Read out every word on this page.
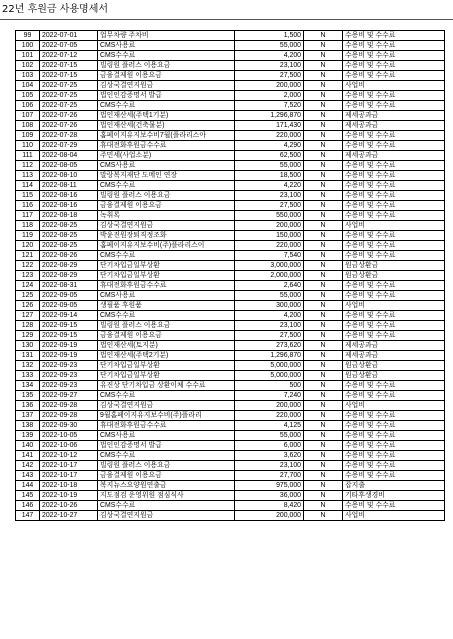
22년 후원금 사용명세서
99	2022-07-01	업무차량 주차비	1,500	N	수용비 및 수수료
100	2022-07-05	CMS사용료	55,000	N	수용비 및 수수료
101	2022-07-12	CMS수수료	4,200	N	수용비 및 수수료
102	2022-07-15	빌링원 플러스 이용요금	23,100	N	수용비 및 수수료
103	2022-07-15	금융결제원 이용요금	27,500	N	수용비 및 수수료
104	2022-07-25	김상국결연지원금	200,000	N	사업비
105	2022-07-25	법인인감증명서 발급	2,000	N	수용비 및 수수료
106	2022-07-25	CMS수수료	7,520	N	수용비 및 수수료
107	2022-07-26	법인재산세(주택1기분)	1,296,870	N	제세공과금
108	2022-07-26	법인재산세(건축물분)	171,430	N	제세공과금
109	2022-07-28	홈페이지유지보수비7월(플라리스아	220,000	N	수용비 및 수수료
110	2022-07-29	휴대전화후원금수수료	4,290	N	수용비 및 수수료
111	2022-08-04	주민세(사업소분)	62,500	N	제세공과금
112	2022-08-05	CMS사용료	55,000	N	수용비 및 수수료
113	2022-08-10	말랑복지재단 도메인 연장	18,500	N	수용비 및 수수료
114	2022-08-11	CMS수수료	4,220	N	수용비 및 수수료
115	2022-08-16	빌링원 플러스 이용요금	23,100	N	수용비 및 수수료
116	2022-08-16	금융결제원 이용요금	27,500	N	수용비 및 수수료
117	2022-08-18	녹취록	550,000	N	수용비 및 수수료
118	2022-08-25	김상국결연지원금	200,000	N	사업비
119	2022-08-25	박윤진원장퇴직정조화	150,000	N	수용비 및 수수료
120	2022-08-25	홈페이지유지보수비(주)플라리스이	220,000	N	수용비 및 수수료
121	2022-08-26	CMS수수료	7,540	N	수용비 및 수수료
122	2022-08-29	단기차입금일부상환	3,000,000	N	원금상환금
123	2022-08-29	단기차입금일부상환	2,000,000	N	원금상환금
124	2022-08-31	휴대전화후원금수수료	2,640	N	수용비 및 수수료
125	2022-09-05	CMS사용료	55,000	N	수용비 및 수수료
126	2022-09-05	생필품 후원품	300,000	N	사업비
127	2022-09-14	CMS수수료	4,200	N	수용비 및 수수료
128	2022-09-15	빌링원 플러스 이용요금	23,100	N	수용비 및 수수료
129	2022-09-15	금융결제원 이용요금	27,500	N	수용비 및 수수료
130	2022-09-19	법인재산세(토지분)	273,620	N	제세공과금
131	2022-09-19	법인재산세(주택2기분)	1,296,870	N	제세공과금
132	2022-09-23	단기차입금일부상환	5,000,000	N	원금상환금
133	2022-09-23	단기차입금일부상환	5,000,000	N	원금상환금
134	2022-09-23	유진상 단기차입금 상환이체 수수료	500	N	수용비 및 수수료
135	2022-09-27	CMS수수료	7,240	N	수용비 및 수수료
136	2022-09-28	김상국결연지원금	200,000	N	사업비
137	2022-09-28	9월홈페이지유지보수비(주)플라리	220,000	N	수용비 및 수수료
138	2022-09-30	휴대전화후원금수수료	4,125	N	수용비 및 수수료
139	2022-10-05	CMS사용료	55,000	N	수용비 및 수수료
140	2022-10-06	법인인감증명서 발급	6,000	N	수용비 및 수수료
141	2022-10-12	CMS수수료	3,620	N	수용비 및 수수료
142	2022-10-17	빌링원 플러스 이용요금	23,100	N	수용비 및 수수료
143	2022-10-17	금융결제원 이용요금	27,700	N	수용비 및 수수료
144	2022-10-18	복지뉴스요양원연출금	975,000	N	잡지출
145	2022-10-19	지도점검 운영위원 점심식사	36,000	N	기타후생경비
146	2022-10-26	CMS수수료	8,420	N	수용비 및 수수료
147	2022-10-27	김상국결연지원금	200,000	N	사업비
